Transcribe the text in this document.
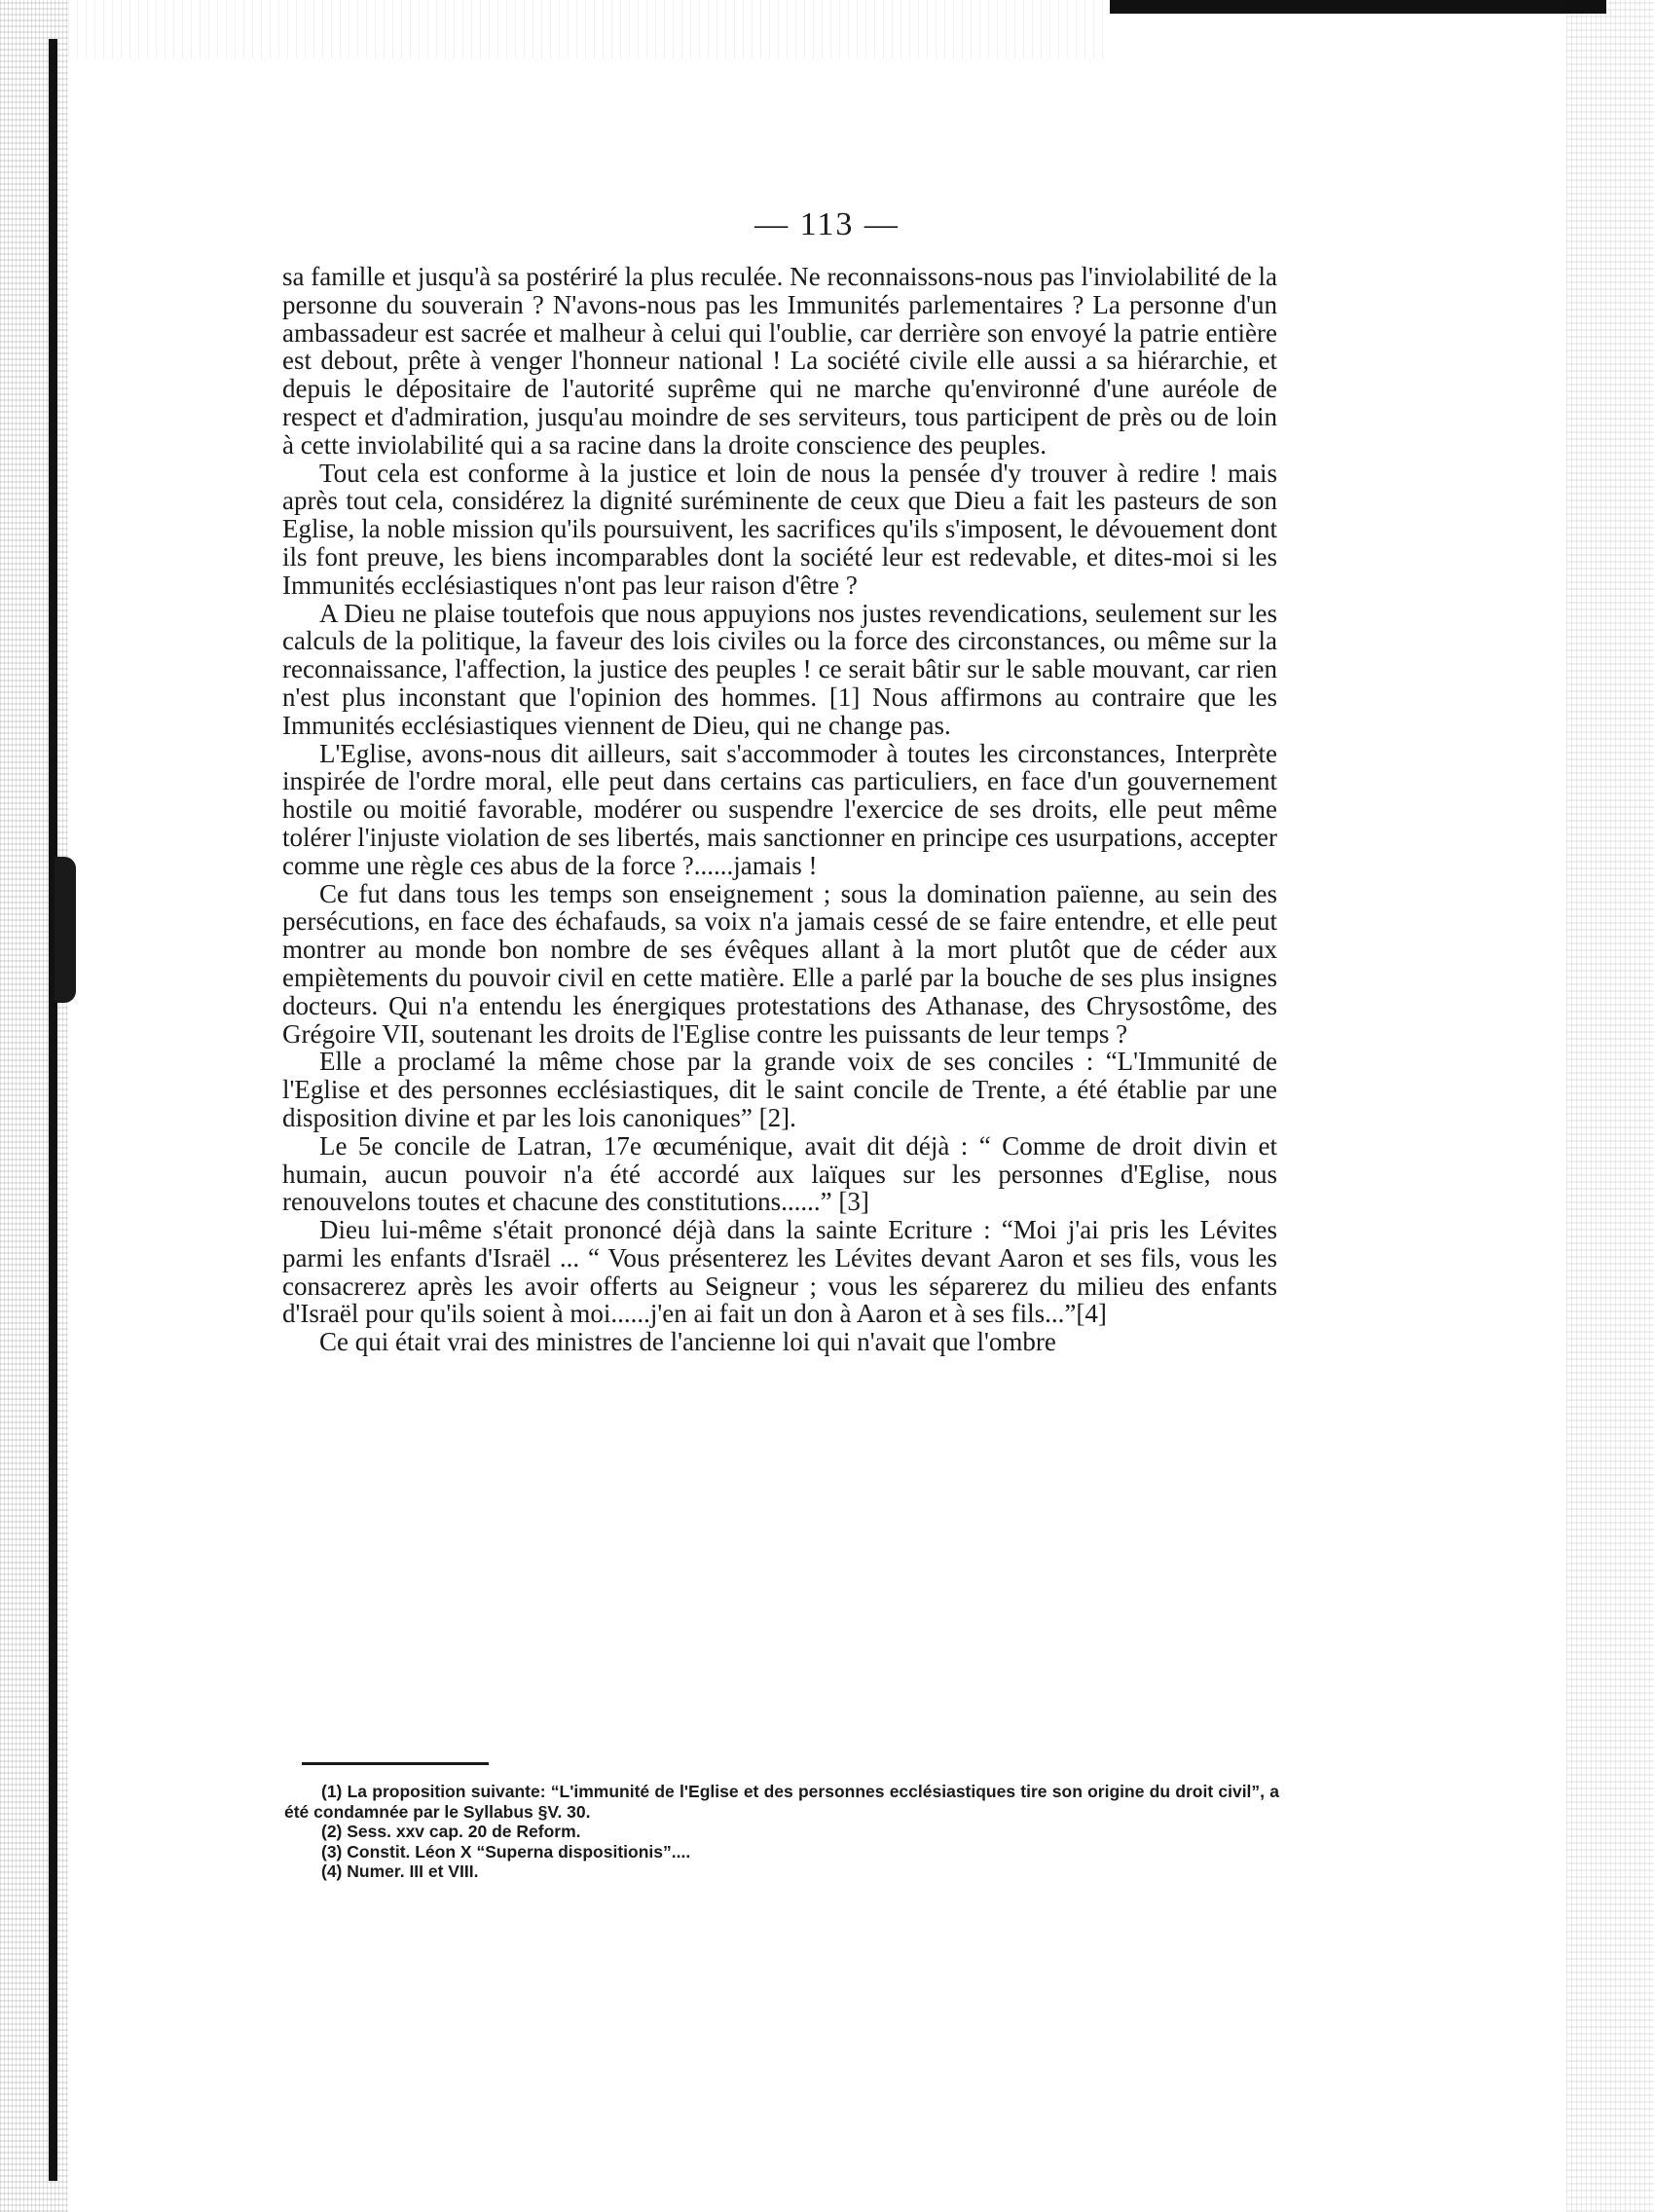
— 113 —

sa famille et jusqu'à sa postériré la plus reculée. Ne reconnaissons-nous pas l'inviolabilité de la personne du souverain ? N'avons-nous pas les Immunités parlementaires ? La personne d'un ambassadeur est sacrée et malheur à celui qui l'oublie, car derrière son envoyé la patrie entière est debout, prête à venger l'honneur national ! La société civile elle aussi a sa hiérarchie, et depuis le dépositaire de l'autorité suprême qui ne marche qu'environné d'une auréole de respect et d'admiration, jusqu'au moindre de ses serviteurs, tous participent de près ou de loin à cette inviolabilité qui a sa racine dans la droite conscience des peuples.

Tout cela est conforme à la justice et loin de nous la pensée d'y trouver à redire ! mais après tout cela, considérez la dignité suréminente de ceux que Dieu a fait les pasteurs de son Eglise, la noble mission qu'ils poursuivent, les sacrifices qu'ils s'imposent, le dévouement dont ils font preuve, les biens incomparables dont la société leur est redevable, et dites-moi si les Immunités ecclésiastiques n'ont pas leur raison d'être ?

A Dieu ne plaise toutefois que nous appuyions nos justes revendications, seulement sur les calculs de la politique, la faveur des lois civiles ou la force des circonstances, ou même sur la reconnaissance, l'affection, la justice des peuples ! ce serait bâtir sur le sable mouvant, car rien n'est plus inconstant que l'opinion des hommes. [1] Nous affirmons au contraire que les Immunités ecclésiastiques viennent de Dieu, qui ne change pas.

L'Eglise, avons-nous dit ailleurs, sait s'accommoder à toutes les circonstances, Interprète inspirée de l'ordre moral, elle peut dans certains cas particuliers, en face d'un gouvernement hostile ou moitié favorable, modérer ou suspendre l'exercice de ses droits, elle peut même tolérer l'injuste violation de ses libertés, mais sanctionner en principe ces usurpations, accepter comme une règle ces abus de la force ?......jamais !

Ce fut dans tous les temps son enseignement ; sous la domination païenne, au sein des persécutions, en face des échafauds, sa voix n'a jamais cessé de se faire entendre, et elle peut montrer au monde bon nombre de ses évêques allant à la mort plutôt que de céder aux empiètements du pouvoir civil en cette matière. Elle a parlé par la bouche de ses plus insignes docteurs. Qui n'a entendu les énergiques protestations des Athanase, des Chrysostôme, des Grégoire VII, soutenant les droits de l'Eglise contre les puissants de leur temps ?

Elle a proclamé la même chose par la grande voix de ses conciles : “L'Immunité de l'Eglise et des personnes ecclésiastiques, dit le saint concile de Trente, a été établie par une disposition divine et par les lois canoniques” [2].

Le 5e concile de Latran, 17e œcuménique, avait dit déjà : “ Comme de droit divin et humain, aucun pouvoir n'a été accordé aux laïques sur les personnes d'Eglise, nous renouvelons toutes et chacune des constitutions......” [3]

Dieu lui-même s'était prononcé déjà dans la sainte Ecriture : “Moi j'ai pris les Lévites parmi les enfants d'Israël ... “ Vous présenterez les Lévites devant Aaron et ses fils, vous les consacrerez après les avoir offerts au Seigneur ; vous les séparerez du milieu des enfants d'Israël pour qu'ils soient à moi......j'en ai fait un don à Aaron et à ses fils...”[4]

Ce qui était vrai des ministres de l'ancienne loi qui n'avait que l'ombre

(1) La proposition suivante: “L'immunité de l'Eglise et des personnes ecclésiastiques tire son origine du droit civil”, a été condamnée par le Syllabus §V. 30.

(2) Sess. xxv cap. 20 de Reform.

(3) Constit. Léon X “Superna dispositionis”....

(4) Numer. III et VIII.
